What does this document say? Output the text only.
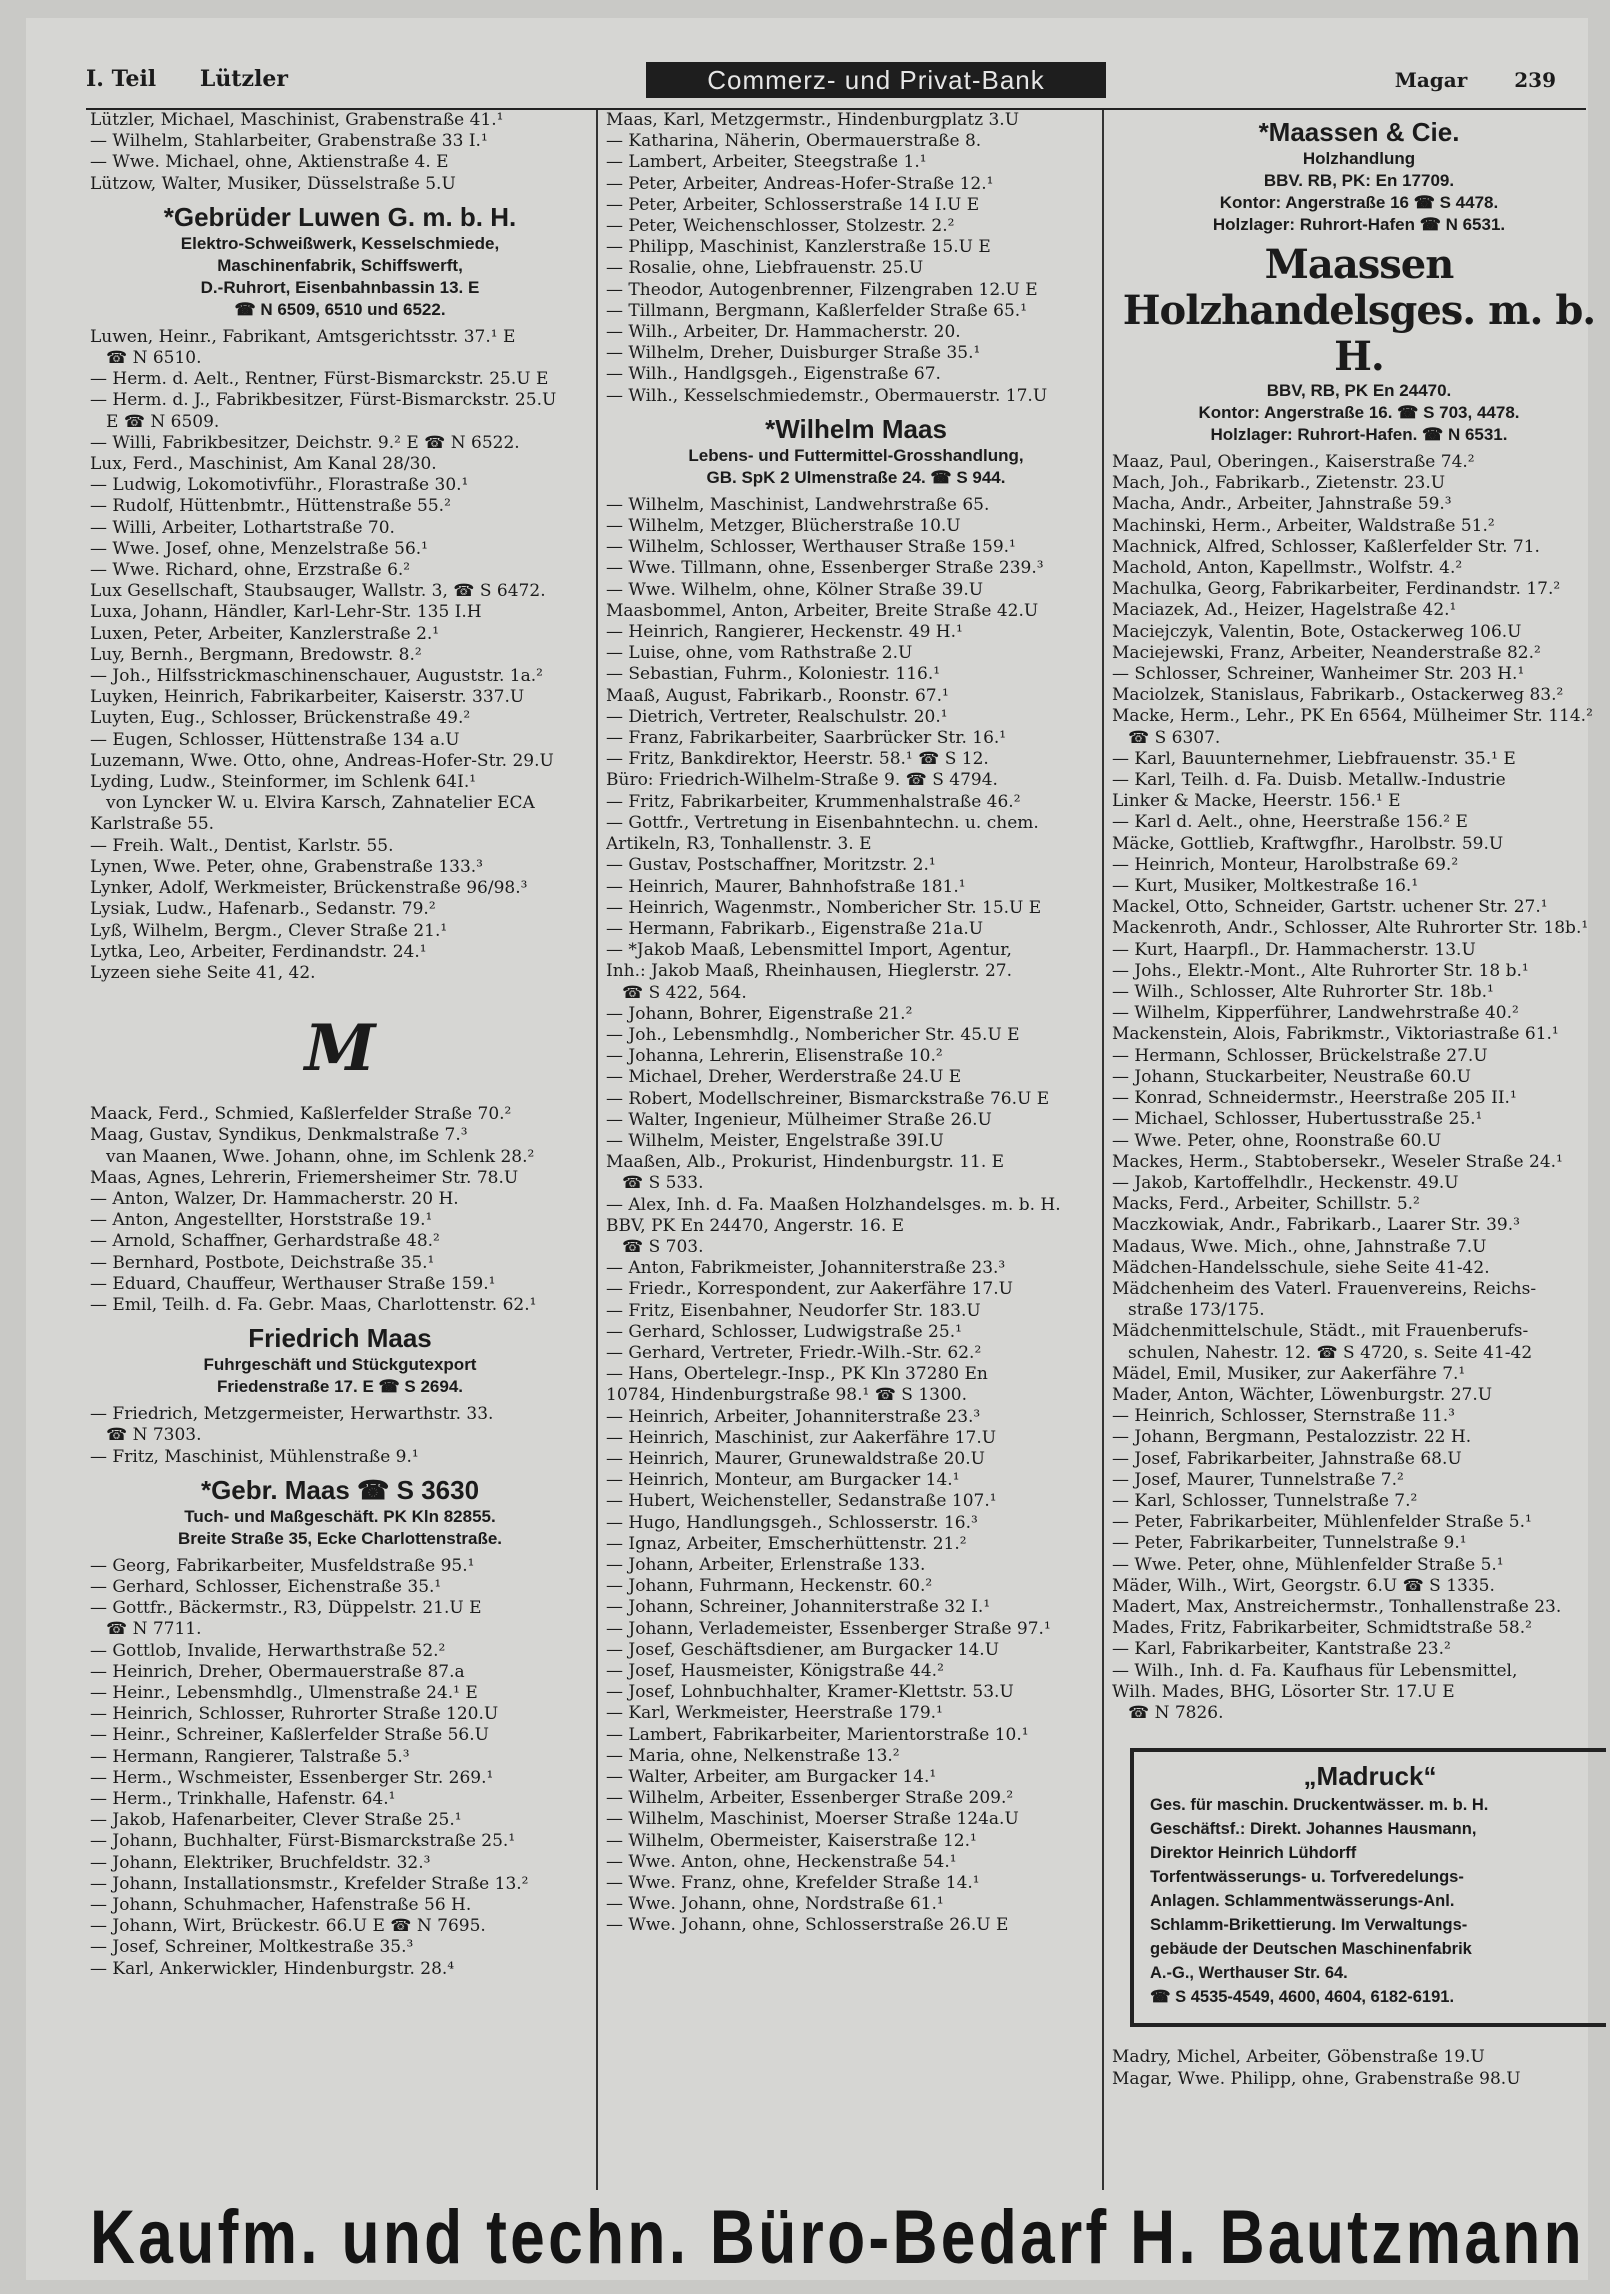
I. Teil Lützler	Commerz- und Privat-Bank	Magar 239

Lützler, Michael, Maschinist, Grabenstraße 41.¹

— Wilhelm, Stahlarbeiter, Grabenstraße 33 I.¹

— Wwe. Michael, ohne, Aktienstraße 4. E

Lützow, Walter, Musiker, Düsselstraße 5.U

*Gebrüder Luwen G. m. b. H.
Elektro-Schweißwerk, Kesselschmiede,
Maschinenfabrik, Schiffswerft,
D.-Ruhrort, Eisenbahnbassin 13. E
☎ N 6509, 6510 und 6522.

Luwen, Heinr., Fabrikant, Amtsgerichtsstr. 37.¹ E

☎ N 6510.

— Herm. d. Aelt., Rentner, Fürst-Bismarckstr. 25.U E

— Herm. d. J., Fabrikbesitzer, Fürst-Bismarckstr. 25.U

E ☎ N 6509.

— Willi, Fabrikbesitzer, Deichstr. 9.² E ☎ N 6522.

Lux, Ferd., Maschinist, Am Kanal 28/30.

— Ludwig, Lokomotivführ., Florastraße 30.¹

— Rudolf, Hüttenbmtr., Hüttenstraße 55.²

— Willi, Arbeiter, Lothartstraße 70.

— Wwe. Josef, ohne, Menzelstraße 56.¹

— Wwe. Richard, ohne, Erzstraße 6.²

Lux Gesellschaft, Staubsauger, Wallstr. 3, ☎ S 6472.

Luxa, Johann, Händler, Karl-Lehr-Str. 135 I.H

Luxen, Peter, Arbeiter, Kanzlerstraße 2.¹

Luy, Bernh., Bergmann, Bredowstr. 8.²

— Joh., Hilfsstrickmaschinenschauer, Auguststr. 1a.²

Luyken, Heinrich, Fabrikarbeiter, Kaiserstr. 337.U

Luyten, Eug., Schlosser, Brückenstraße 49.²

— Eugen, Schlosser, Hüttenstraße 134 a.U

Luzemann, Wwe. Otto, ohne, Andreas-Hofer-Str. 29.U

Lyding, Ludw., Steinformer, im Schlenk 64I.¹

von Lyncker W. u. Elvira Karsch, Zahnatelier ECA

Karlstraße 55.

— Freih. Walt., Dentist, Karlstr. 55.

Lynen, Wwe. Peter, ohne, Grabenstraße 133.³

Lynker, Adolf, Werkmeister, Brückenstraße 96/98.³

Lysiak, Ludw., Hafenarb., Sedanstr. 79.²

Lyß, Wilhelm, Bergm., Clever Straße 21.¹

Lytka, Leo, Arbeiter, Ferdinandstr. 24.¹

Lyzeen siehe Seite 41, 42.

M

Maack, Ferd., Schmied, Kaßlerfelder Straße 70.²

Maag, Gustav, Syndikus, Denkmalstraße 7.³

van Maanen, Wwe. Johann, ohne, im Schlenk 28.²

Maas, Agnes, Lehrerin, Friemersheimer Str. 78.U

— Anton, Walzer, Dr. Hammacherstr. 20 H.

— Anton, Angestellter, Horststraße 19.¹

— Arnold, Schaffner, Gerhardstraße 48.²

— Bernhard, Postbote, Deichstraße 35.¹

— Eduard, Chauffeur, Werthauser Straße 159.¹

— Emil, Teilh. d. Fa. Gebr. Maas, Charlottenstr. 62.¹

Friedrich Maas
Fuhrgeschäft und Stückgutexport
Friedenstraße 17. E ☎ S 2694.

— Friedrich, Metzgermeister, Herwarthstr. 33.

☎ N 7303.

— Fritz, Maschinist, Mühlenstraße 9.¹

*Gebr. Maas ☎ S 3630
Tuch- und Maßgeschäft. PK Kln 82855.
Breite Straße 35, Ecke Charlottenstraße.

— Georg, Fabrikarbeiter, Musfeldstraße 95.¹

— Gerhard, Schlosser, Eichenstraße 35.¹

— Gottfr., Bäckermstr., R3, Düppelstr. 21.U E

☎ N 7711.

— Gottlob, Invalide, Herwarthstraße 52.²

— Heinrich, Dreher, Obermauerstraße 87.a

— Heinr., Lebensmhdlg., Ulmenstraße 24.¹ E

— Heinrich, Schlosser, Ruhrorter Straße 120.U

— Heinr., Schreiner, Kaßlerfelder Straße 56.U

— Hermann, Rangierer, Talstraße 5.³

— Herm., Wschmeister, Essenberger Str. 269.¹

— Herm., Trinkhalle, Hafenstr. 64.¹

— Jakob, Hafenarbeiter, Clever Straße 25.¹

— Johann, Buchhalter, Fürst-Bismarckstraße 25.¹

— Johann, Elektriker, Bruchfeldstr. 32.³

— Johann, Installationsmstr., Krefelder Straße 13.²

— Johann, Schuhmacher, Hafenstraße 56 H.

— Johann, Wirt, Brückestr. 66.U E ☎ N 7695.

— Josef, Schreiner, Moltkestraße 35.³

— Karl, Ankerwickler, Hindenburgstr. 28.⁴

Maas, Karl, Metzgermstr., Hindenburgplatz 3.U

— Katharina, Näherin, Obermauerstraße 8.

— Lambert, Arbeiter, Steegstraße 1.¹

— Peter, Arbeiter, Andreas-Hofer-Straße 12.¹

— Peter, Arbeiter, Schlosserstraße 14 I.U E

— Peter, Weichenschlosser, Stolzestr. 2.²

— Philipp, Maschinist, Kanzlerstraße 15.U E

— Rosalie, ohne, Liebfrauenstr. 25.U

— Theodor, Autogenbrenner, Filzengraben 12.U E

— Tillmann, Bergmann, Kaßlerfelder Straße 65.¹

— Wilh., Arbeiter, Dr. Hammacherstr. 20.

— Wilhelm, Dreher, Duisburger Straße 35.¹

— Wilh., Handlgsgeh., Eigenstraße 67.

— Wilh., Kesselschmiedemstr., Obermauerstr. 17.U

*Wilhelm Maas
Lebens- und Futtermittel-Grosshandlung,
GB. SpK 2 Ulmenstraße 24. ☎ S 944.

— Wilhelm, Maschinist, Landwehrstraße 65.

— Wilhelm, Metzger, Blücherstraße 10.U

— Wilhelm, Schlosser, Werthauser Straße 159.¹

— Wwe. Tillmann, ohne, Essenberger Straße 239.³

— Wwe. Wilhelm, ohne, Kölner Straße 39.U

Maasbommel, Anton, Arbeiter, Breite Straße 42.U

— Heinrich, Rangierer, Heckenstr. 49 H.¹

— Luise, ohne, vom Rathstraße 2.U

— Sebastian, Fuhrm., Koloniestr. 116.¹

Maaß, August, Fabrikarb., Roonstr. 67.¹

— Dietrich, Vertreter, Realschulstr. 20.¹

— Franz, Fabrikarbeiter, Saarbrücker Str. 16.¹

— Fritz, Bankdirektor, Heerstr. 58.¹ ☎ S 12.

Büro: Friedrich-Wilhelm-Straße 9. ☎ S 4794.

— Fritz, Fabrikarbeiter, Krummenhalstraße 46.²

— Gottfr., Vertretung in Eisenbahntechn. u. chem.

Artikeln, R3, Tonhallenstr. 3. E

— Gustav, Postschaffner, Moritzstr. 2.¹

— Heinrich, Maurer, Bahnhofstraße 181.¹

— Heinrich, Wagenmstr., Nombericher Str. 15.U E

— Hermann, Fabrikarb., Eigenstraße 21a.U

— *Jakob Maaß, Lebensmittel Import, Agentur,

Inh.: Jakob Maaß, Rheinhausen, Hieglerstr. 27.

☎ S 422, 564.

— Johann, Bohrer, Eigenstraße 21.²

— Joh., Lebensmhdlg., Nombericher Str. 45.U E

— Johanna, Lehrerin, Elisenstraße 10.²

— Michael, Dreher, Werderstraße 24.U E

— Robert, Modellschreiner, Bismarckstraße 76.U E

— Walter, Ingenieur, Mülheimer Straße 26.U

— Wilhelm, Meister, Engelstraße 39I.U

Maaßen, Alb., Prokurist, Hindenburgstr. 11. E

☎ S 533.

— Alex, Inh. d. Fa. Maaßen Holzhandelsges. m. b. H.

BBV, PK En 24470, Angerstr. 16. E

☎ S 703.

— Anton, Fabrikmeister, Johanniterstraße 23.³

— Friedr., Korrespondent, zur Aakerfähre 17.U

— Fritz, Eisenbahner, Neudorfer Str. 183.U

— Gerhard, Schlosser, Ludwigstraße 25.¹

— Gerhard, Vertreter, Friedr.-Wilh.-Str. 62.²

— Hans, Obertelegr.-Insp., PK Kln 37280 En

10784, Hindenburgstraße 98.¹ ☎ S 1300.

— Heinrich, Arbeiter, Johanniterstraße 23.³

— Heinrich, Maschinist, zur Aakerfähre 17.U

— Heinrich, Maurer, Grunewaldstraße 20.U

— Heinrich, Monteur, am Burgacker 14.¹

— Hubert, Weichensteller, Sedanstraße 107.¹

— Hugo, Handlungsgeh., Schlosserstr. 16.³

— Ignaz, Arbeiter, Emscherhüttenstr. 21.²

— Johann, Arbeiter, Erlenstraße 133.

— Johann, Fuhrmann, Heckenstr. 60.²

— Johann, Schreiner, Johanniterstraße 32 I.¹

— Johann, Verlademeister, Essenberger Straße 97.¹

— Josef, Geschäftsdiener, am Burgacker 14.U

— Josef, Hausmeister, Königstraße 44.²

— Josef, Lohnbuchhalter, Kramer-Klettstr. 53.U

— Karl, Werkmeister, Heerstraße 179.¹

— Lambert, Fabrikarbeiter, Marientorstraße 10.¹

— Maria, ohne, Nelkenstraße 13.²

— Walter, Arbeiter, am Burgacker 14.¹

— Wilhelm, Arbeiter, Essenberger Straße 209.²

— Wilhelm, Maschinist, Moerser Straße 124a.U

— Wilhelm, Obermeister, Kaiserstraße 12.¹

— Wwe. Anton, ohne, Heckenstraße 54.¹

— Wwe. Franz, ohne, Krefelder Straße 14.¹

— Wwe. Johann, ohne, Nordstraße 61.¹

— Wwe. Johann, ohne, Schlosserstraße 26.U E

*Maassen & Cie.
Holzhandlung
BBV. RB, PK: En 17709.
Kontor: Angerstraße 16 ☎ S 4478.
Holzlager: Ruhrort-Hafen ☎ N 6531.
Maassen Holzhandelsges. m. b. H.
BBV, RB, PK En 24470.
Kontor: Angerstraße 16. ☎ S 703, 4478.
Holzlager: Ruhrort-Hafen. ☎ N 6531.

Maaz, Paul, Oberingen., Kaiserstraße 74.²

Mach, Joh., Fabrikarb., Zietenstr. 23.U

Macha, Andr., Arbeiter, Jahnstraße 59.³

Machinski, Herm., Arbeiter, Waldstraße 51.²

Machnick, Alfred, Schlosser, Kaßlerfelder Str. 71.

Machold, Anton, Kapellmstr., Wolfstr. 4.²

Machulka, Georg, Fabrikarbeiter, Ferdinandstr. 17.²

Maciazek, Ad., Heizer, Hagelstraße 42.¹

Maciejczyk, Valentin, Bote, Ostackerweg 106.U

Maciejewski, Franz, Arbeiter, Neanderstraße 82.²

— Schlosser, Schreiner, Wanheimer Str. 203 H.¹

Maciolzek, Stanislaus, Fabrikarb., Ostackerweg 83.²

Macke, Herm., Lehr., PK En 6564, Mülheimer Str. 114.²

☎ S 6307.

— Karl, Bauunternehmer, Liebfrauenstr. 35.¹ E

— Karl, Teilh. d. Fa. Duisb. Metallw.-Industrie

Linker & Macke, Heerstr. 156.¹ E

— Karl d. Aelt., ohne, Heerstraße 156.² E

Mäcke, Gottlieb, Kraftwgfhr., Harolbstr. 59.U

— Heinrich, Monteur, Harolbstraße 69.²

— Kurt, Musiker, Moltkestraße 16.¹

Mackel, Otto, Schneider, Gartstr. uchener Str. 27.¹

Mackenroth, Andr., Schlosser, Alte Ruhrorter Str. 18b.¹

— Kurt, Haarpfl., Dr. Hammacherstr. 13.U

— Johs., Elektr.-Mont., Alte Ruhrorter Str. 18 b.¹

— Wilh., Schlosser, Alte Ruhrorter Str. 18b.¹

— Wilhelm, Kipperführer, Landwehrstraße 40.²

Mackenstein, Alois, Fabrikmstr., Viktoriastraße 61.¹

— Hermann, Schlosser, Brückelstraße 27.U

— Johann, Stuckarbeiter, Neustraße 60.U

— Konrad, Schneidermstr., Heerstraße 205 II.¹

— Michael, Schlosser, Hubertusstraße 25.¹

— Wwe. Peter, ohne, Roonstraße 60.U

Mackes, Herm., Stabtobersekr., Weseler Straße 24.¹

— Jakob, Kartoffelhdlr., Heckenstr. 49.U

Macks, Ferd., Arbeiter, Schillstr. 5.²

Maczkowiak, Andr., Fabrikarb., Laarer Str. 39.³

Madaus, Wwe. Mich., ohne, Jahnstraße 7.U

Mädchen-Handelsschule, siehe Seite 41-42.

Mädchenheim des Vaterl. Frauenvereins, Reichs-

straße 173/175.

Mädchenmittelschule, Städt., mit Frauenberufs-

schulen, Nahestr. 12. ☎ S 4720, s. Seite 41-42

Mädel, Emil, Musiker, zur Aakerfähre 7.¹

Mader, Anton, Wächter, Löwenburgstr. 27.U

— Heinrich, Schlosser, Sternstraße 11.³

— Johann, Bergmann, Pestalozzistr. 22 H.

— Josef, Fabrikarbeiter, Jahnstraße 68.U

— Josef, Maurer, Tunnelstraße 7.²

— Karl, Schlosser, Tunnelstraße 7.²

— Peter, Fabrikarbeiter, Mühlenfelder Straße 5.¹

— Peter, Fabrikarbeiter, Tunnelstraße 9.¹

— Wwe. Peter, ohne, Mühlenfelder Straße 5.¹

Mäder, Wilh., Wirt, Georgstr. 6.U ☎ S 1335.

Madert, Max, Anstreichermstr., Tonhallenstraße 23.

Mades, Fritz, Fabrikarbeiter, Schmidtstraße 58.²

— Karl, Fabrikarbeiter, Kantstraße 23.²

— Wilh., Inh. d. Fa. Kaufhaus für Lebensmittel,

Wilh. Mades, BHG, Lösorter Str. 17.U E

☎ N 7826.

„Madruck“
Ges. für maschin. Druckentwässer. m. b. H.
Geschäftsf.: Direkt. Johannes Hausmann,
Direktor Heinrich Lühdorff
Torfentwässerungs- u. Torfveredelungs-
Anlagen. Schlammentwässerungs-Anl.
Schlamm-Brikettierung. Im Verwaltungs-
gebäude der Deutschen Maschinenfabrik
A.-G., Werthauser Str. 64.
☎ S 4535-4549, 4600, 4604, 6182-6191.

Madry, Michel, Arbeiter, Göbenstraße 19.U

Magar, Wwe. Philipp, ohne, Grabenstraße 98.U

Kaufm. und techn. Büro-Bedarf H. Bautzmann
